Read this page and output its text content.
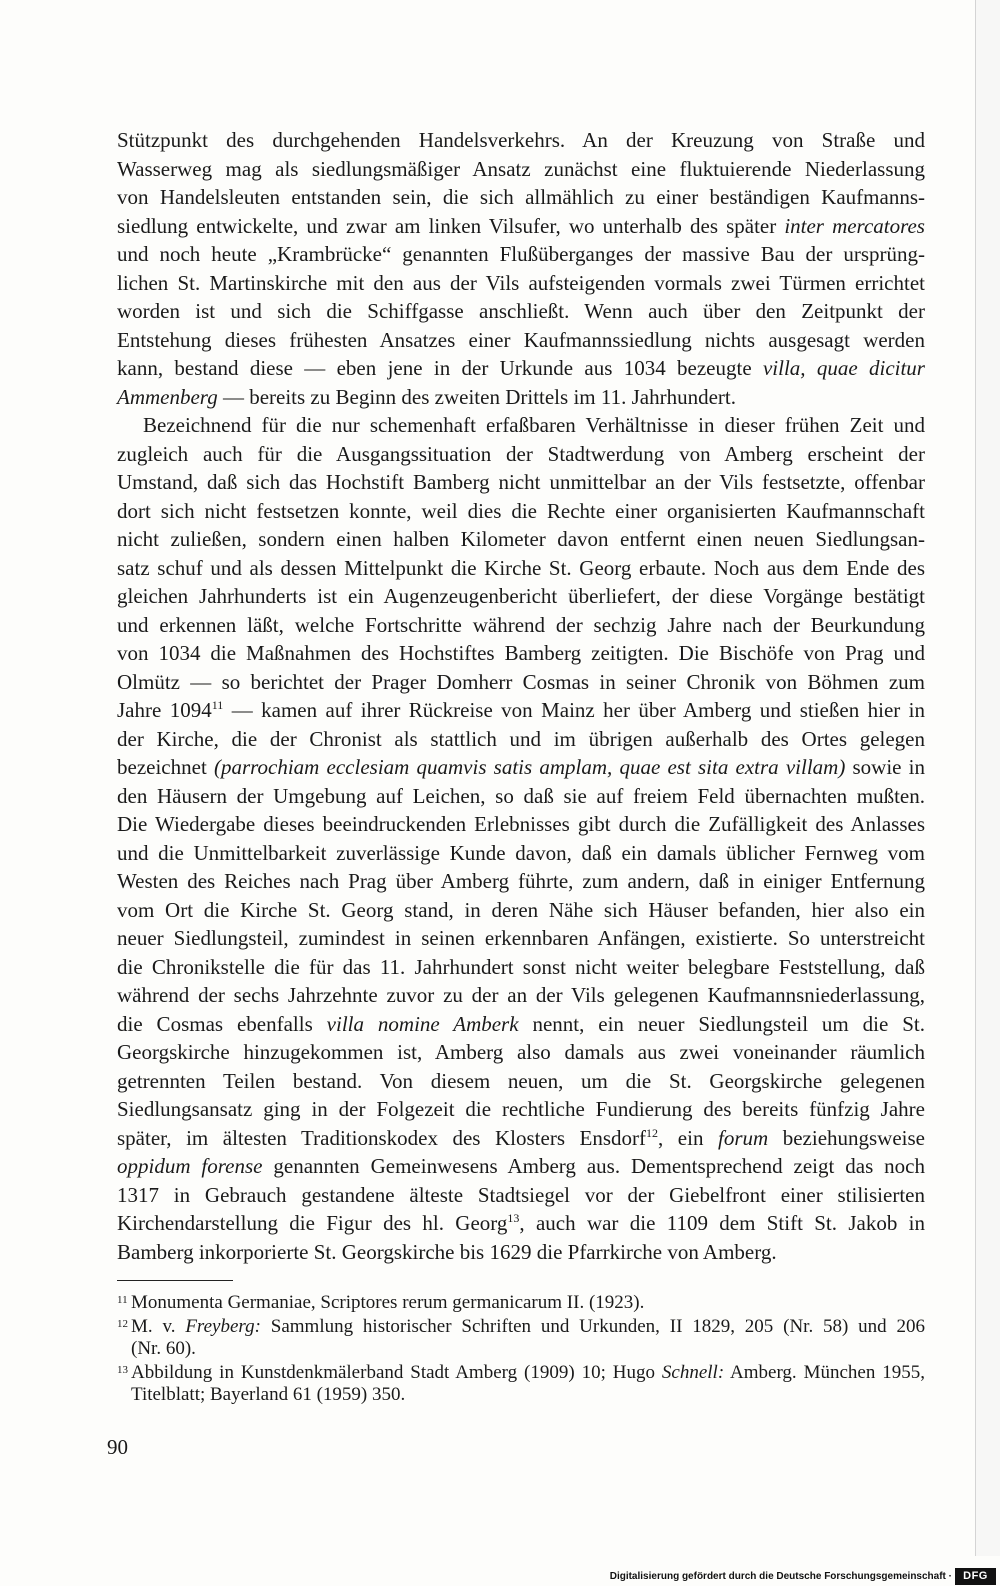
Stützpunkt des durchgehenden Handelsverkehrs. An der Kreuzung von Straße und
Wasserweg mag als siedlungsmäßiger Ansatz zunächst eine fluktuierende Niederlassung
von Handelsleuten entstanden sein, die sich allmählich zu einer beständigen Kaufmanns-
siedlung entwickelte, und zwar am linken Vilsufer, wo unterhalb des später inter mercatores
und noch heute „Krambrücke“ genannten Flußüberganges der massive Bau der ursprüng-
lichen St. Martinskirche mit den aus der Vils aufsteigenden vormals zwei Türmen errichtet
worden ist und sich die Schiffgasse anschließt. Wenn auch über den Zeitpunkt der
Entstehung dieses frühesten Ansatzes einer Kaufmannssiedlung nichts ausgesagt werden
kann, bestand diese — eben jene in der Urkunde aus 1034 bezeugte villa, quae dicitur
Ammenberg — bereits zu Beginn des zweiten Drittels im 11. Jahrhundert.
Bezeichnend für die nur schemenhaft erfaßbaren Verhältnisse in dieser frühen Zeit und
zugleich auch für die Ausgangssituation der Stadtwerdung von Amberg erscheint der
Umstand, daß sich das Hochstift Bamberg nicht unmittelbar an der Vils festsetzte, offenbar
dort sich nicht festsetzen konnte, weil dies die Rechte einer organisierten Kaufmannschaft
nicht zuließen, sondern einen halben Kilometer davon entfernt einen neuen Siedlungsan-
satz schuf und als dessen Mittelpunkt die Kirche St. Georg erbaute. Noch aus dem Ende des
gleichen Jahrhunderts ist ein Augenzeugenbericht überliefert, der diese Vorgänge bestätigt
und erkennen läßt, welche Fortschritte während der sechzig Jahre nach der Beurkundung
von 1034 die Maßnahmen des Hochstiftes Bamberg zeitigten. Die Bischöfe von Prag und
Olmütz — so berichtet der Prager Domherr Cosmas in seiner Chronik von Böhmen zum
Jahre 1094$^{11}$ — kamen auf ihrer Rückreise von Mainz her über Amberg und stießen hier in
der Kirche, die der Chronist als stattlich und im übrigen außerhalb des Ortes gelegen
bezeichnet (parrochiam ecclesiam quamvis satis amplam, quae est sita extra villam) sowie in
den Häusern der Umgebung auf Leichen, so daß sie auf freiem Feld übernachten mußten.
Die Wiedergabe dieses beeindruckenden Erlebnisses gibt durch die Zufälligkeit des Anlasses
und die Unmittelbarkeit zuverlässige Kunde davon, daß ein damals üblicher Fernweg vom
Westen des Reiches nach Prag über Amberg führte, zum andern, daß in einiger Entfernung
vom Ort die Kirche St. Georg stand, in deren Nähe sich Häuser befanden, hier also ein
neuer Siedlungsteil, zumindest in seinen erkennbaren Anfängen, existierte. So unterstreicht
die Chronikstelle die für das 11. Jahrhundert sonst nicht weiter belegbare Feststellung, daß
während der sechs Jahrzehnte zuvor zu der an der Vils gelegenen Kaufmannsniederlassung,
die Cosmas ebenfalls villa nomine Amberk nennt, ein neuer Siedlungsteil um die St.
Georgskirche hinzugekommen ist, Amberg also damals aus zwei voneinander räumlich
getrennten Teilen bestand. Von diesem neuen, um die St. Georgskirche gelegenen
Siedlungsansatz ging in der Folgezeit die rechtliche Fundierung des bereits fünfzig Jahre
später, im ältesten Traditionskodex des Klosters Ensdorf$^{12}$, ein forum beziehungsweise
oppidum forense genannten Gemeinwesens Amberg aus. Dementsprechend zeigt das noch
1317 in Gebrauch gestandene älteste Stadtsiegel vor der Giebelfront einer stilisierten
Kirchendarstellung die Figur des hl. Georg$^{13}$, auch war die 1109 dem Stift St. Jakob in
Bamberg inkorporierte St. Georgskirche bis 1629 die Pfarrkirche von Amberg.
11 Monumenta Germaniae, Scriptores rerum germanicarum II. (1923).
12 M. v. Freyberg: Sammlung historischer Schriften und Urkunden, II 1829, 205 (Nr. 58) und 206
(Nr. 60).
13 Abbildung in Kunstdenkmälerband Stadt Amberg (1909) 10; Hugo Schnell: Amberg. München 1955,
Titelblatt; Bayerland 61 (1959) 350.
90
Digitalisierung gefördert durch die Deutsche Forschungsgemeinschaft ·	DFG
